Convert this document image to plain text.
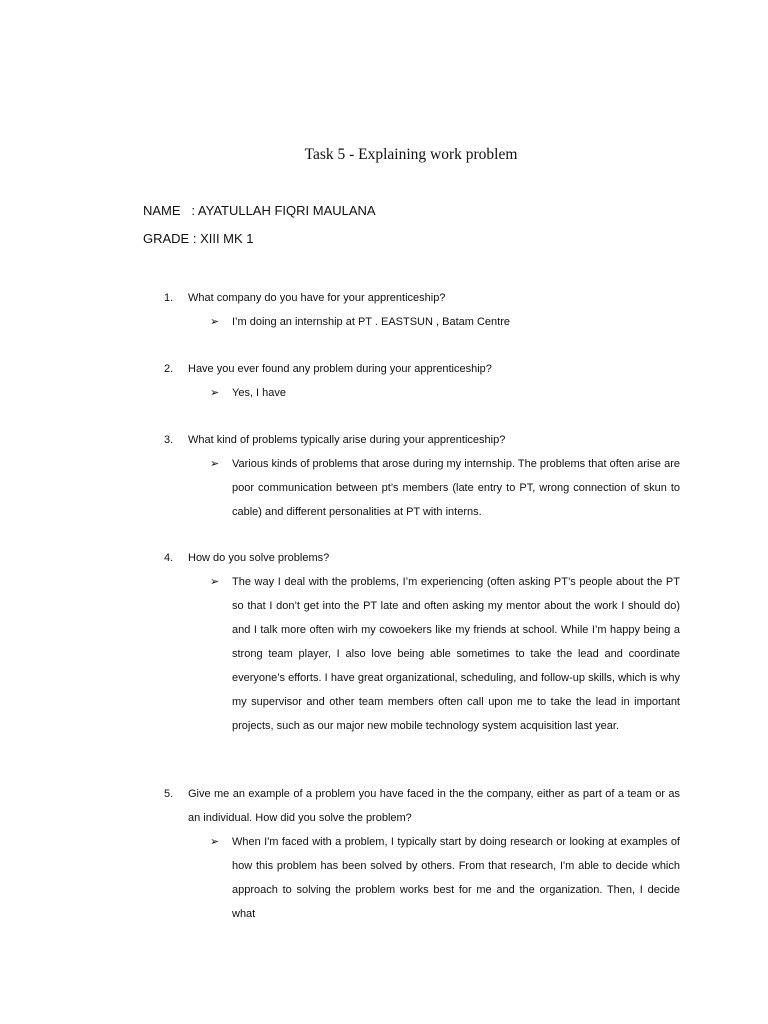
Task 5 - Explaining work problem
NAME   : AYATULLAH FIQRI MAULANA
GRADE : XIII MK 1
1. What company do you have for your apprenticeship?
➢	I’m doing an internship at PT . EASTSUN , Batam Centre
2. Have you ever found any problem during your apprenticeship?
➢	Yes, I have
3. What kind of problems typically arise during your apprenticeship?
➢	Various kinds of problems that arose during my internship. The problems that often arise are poor communication between pt’s members (late entry to PT, wrong connection of skun to cable) and different personalities at PT with interns.
4. How do you solve problems?
➢	The way I deal with the problems, I’m experiencing (often asking PT’s people about the PT so that I don’t get into the PT late and often asking my mentor about the work I should do) and I talk more often wirh my cowoekers like my friends at school. While I’m happy being a strong team player, I also love being able sometimes to take the lead and coordinate everyone’s efforts. I have great organizational, scheduling, and follow-up skills, which is why my supervisor and other team members often call upon me to take the lead in important projects, such as our major new mobile technology system acquisition last year.
5. Give me an example of a problem you have faced in the the company, either as part of a team or as an individual. How did you solve the problem?
➢	When I'm faced with a problem, I typically start by doing research or looking at examples of how this problem has been solved by others. From that research, I'm able to decide which approach to solving the problem works best for me and the organization. Then, I decide what
